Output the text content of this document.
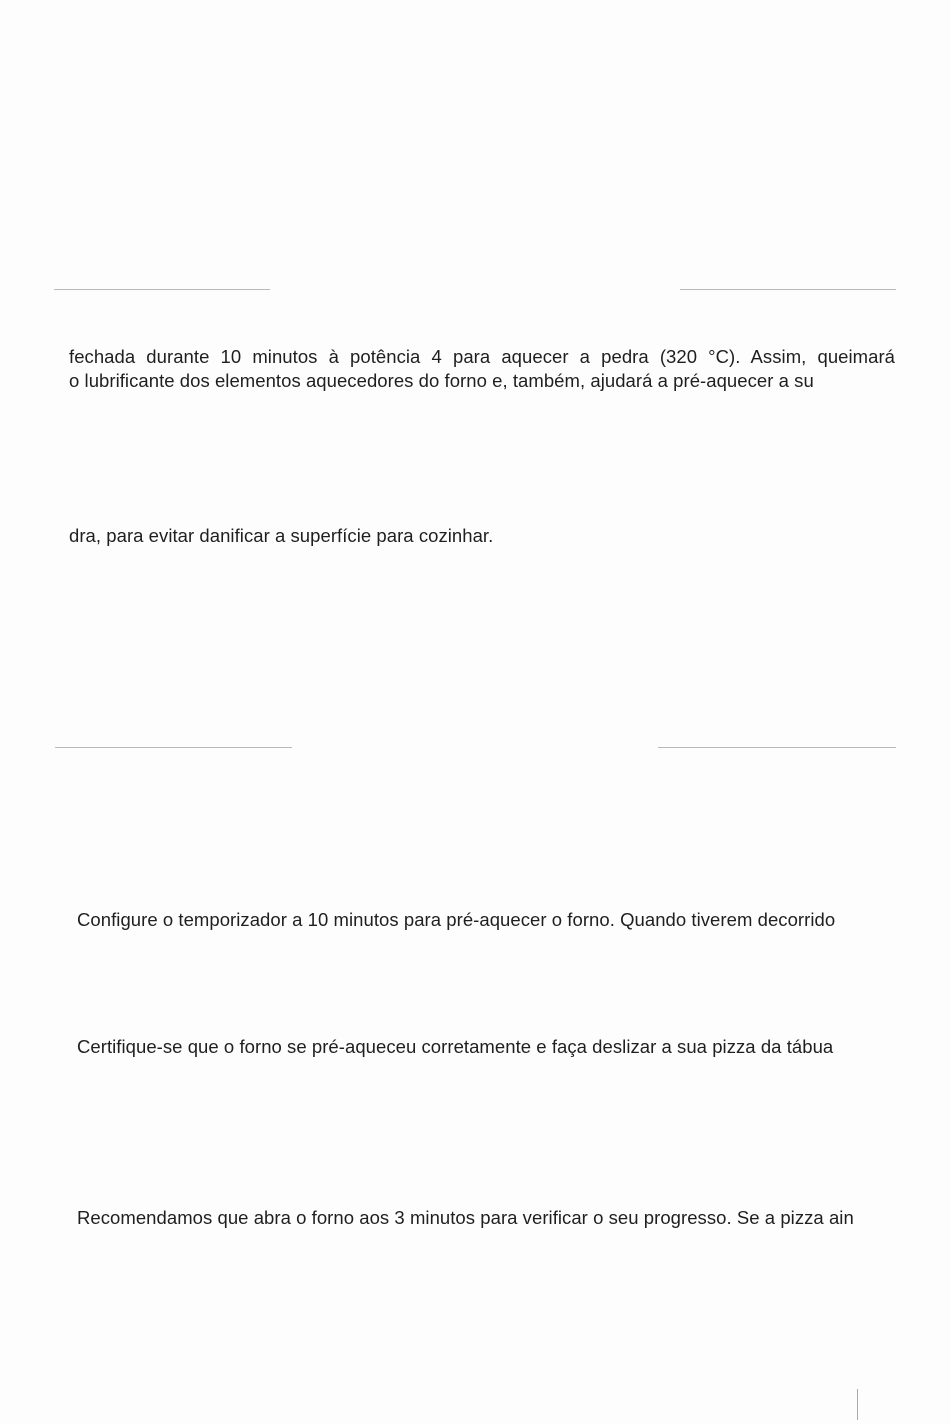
fechada durante 10 minutos à potência 4 para aquecer a pedra (320 °C). Assim, queimará
o lubrificante dos elementos aquecedores do forno e, também, ajudará a pré-aquecer a su
dra, para evitar danificar a superfície para cozinhar.
Configure o temporizador a 10 minutos para pré-aquecer o forno. Quando tiverem decorrido
Certifique-se que o forno se pré-aqueceu corretamente e faça deslizar a sua pizza da tábua
Recomendamos que abra o forno aos 3 minutos para verificar o seu progresso. Se a pizza ain
